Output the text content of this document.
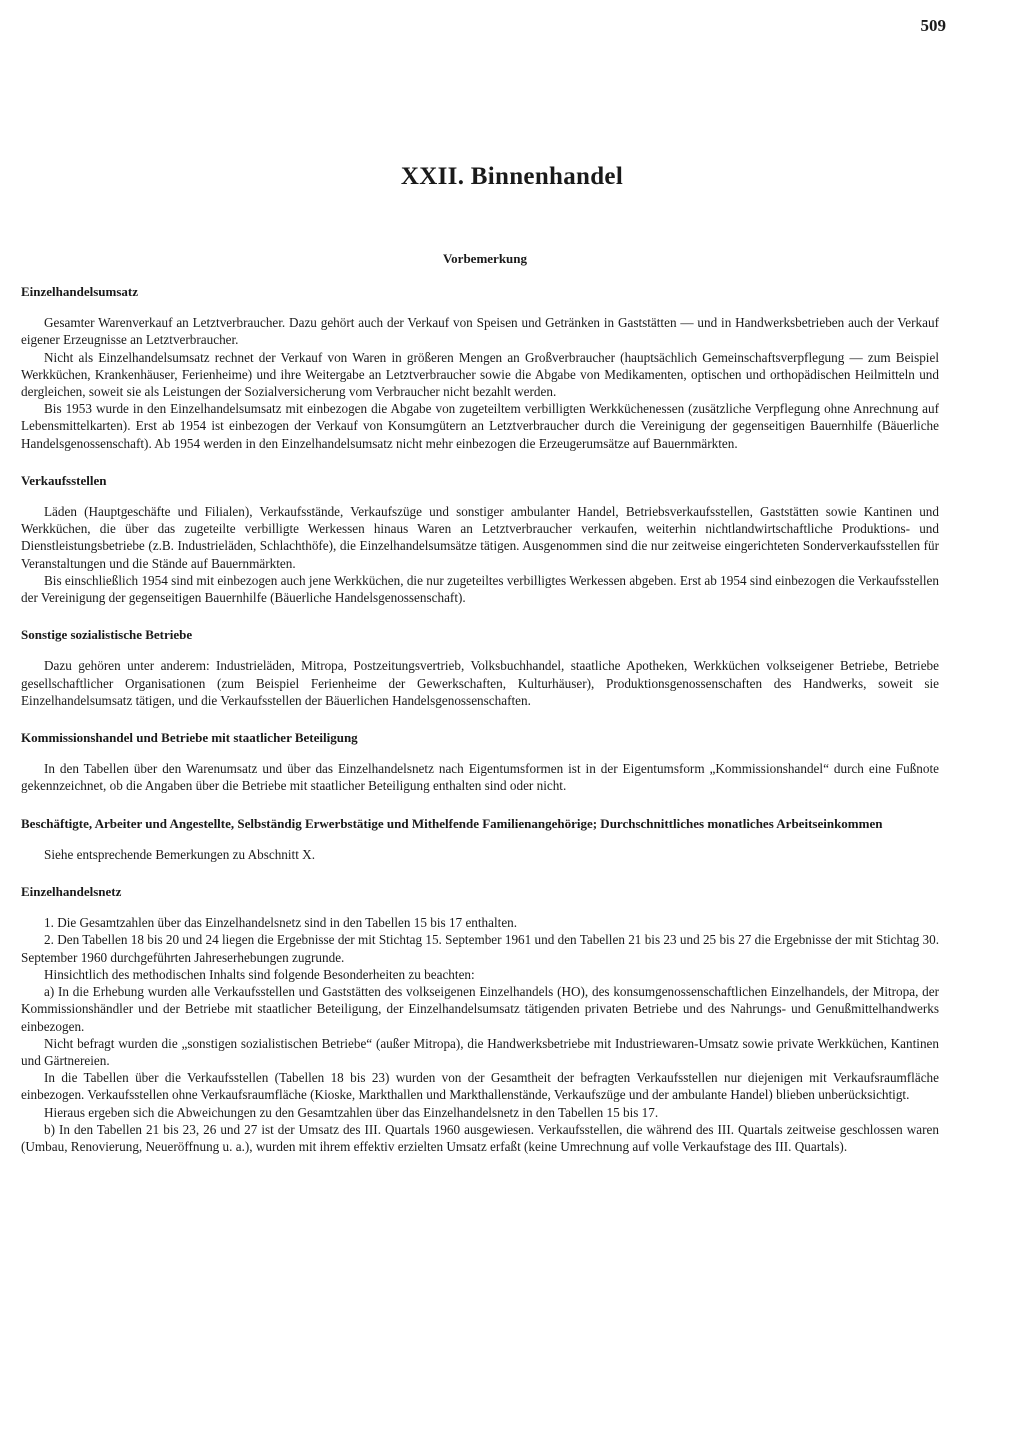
509
XXII. Binnenhandel
Vorbemerkung
Einzelhandelsumsatz

Gesamter Warenverkauf an Letztverbraucher. Dazu gehört auch der Verkauf von Speisen und Getränken in Gaststätten — und in Handwerksbetrieben auch der Verkauf eigener Erzeugnisse an Letztverbraucher.

Nicht als Einzelhandelsumsatz rechnet der Verkauf von Waren in größeren Mengen an Großverbraucher (hauptsächlich Gemeinschaftsverpflegung — zum Beispiel Werkküchen, Krankenhäuser, Ferienheime) und ihre Weitergabe an Letztverbraucher sowie die Abgabe von Medikamenten, optischen und orthopädischen Heilmitteln und dergleichen, soweit sie als Leistungen der Sozialversicherung vom Verbraucher nicht bezahlt werden.

Bis 1953 wurde in den Einzelhandelsumsatz mit einbezogen die Abgabe von zugeteiltem verbilligten Werkküchenessen (zusätzliche Verpflegung ohne Anrechnung auf Lebensmittelkarten). Erst ab 1954 ist einbezogen der Verkauf von Konsumgütern an Letztverbraucher durch die Vereinigung der gegenseitigen Bauernhilfe (Bäuerliche Handelsgenossenschaft). Ab 1954 werden in den Einzelhandelsumsatz nicht mehr einbezogen die Erzeugerumsätze auf Bauernmärkten.

Verkaufsstellen

Läden (Hauptgeschäfte und Filialen), Verkaufsstände, Verkaufszüge und sonstiger ambulanter Handel, Betriebsverkaufsstellen, Gaststätten sowie Kantinen und Werkküchen, die über das zugeteilte verbilligte Werkessen hinaus Waren an Letztverbraucher verkaufen, weiterhin nichtlandwirtschaftliche Produktions- und Dienstleistungsbetriebe (z.B. Industrieläden, Schlachthöfe), die Einzelhandelsumsätze tätigen. Ausgenommen sind die nur zeitweise eingerichteten Sonderverkaufsstellen für Veranstaltungen und die Stände auf Bauernmärkten.

Bis einschließlich 1954 sind mit einbezogen auch jene Werkküchen, die nur zugeteiltes verbilligtes Werkessen abgeben. Erst ab 1954 sind einbezogen die Verkaufsstellen der Vereinigung der gegenseitigen Bauernhilfe (Bäuerliche Handelsgenossenschaft).

Sonstige sozialistische Betriebe

Dazu gehören unter anderem: Industrieläden, Mitropa, Postzeitungsvertrieb, Volksbuchhandel, staatliche Apotheken, Werkküchen volkseigener Betriebe, Betriebe gesellschaftlicher Organisationen (zum Beispiel Ferienheime der Gewerkschaften, Kulturhäuser), Produktionsgenossenschaften des Handwerks, soweit sie Einzelhandelsumsatz tätigen, und die Verkaufsstellen der Bäuerlichen Handelsgenossenschaften.

Kommissionshandel und Betriebe mit staatlicher Beteiligung

In den Tabellen über den Warenumsatz und über das Einzelhandelsnetz nach Eigentumsformen ist in der Eigentumsform „Kommissionshandel“ durch eine Fußnote gekennzeichnet, ob die Angaben über die Betriebe mit staatlicher Beteiligung enthalten sind oder nicht.

Beschäftigte, Arbeiter und Angestellte, Selbständig Erwerbstätige und Mithelfende Familienangehörige; Durchschnittliches monatliches Arbeitseinkommen

Siehe entsprechende Bemerkungen zu Abschnitt X.

Einzelhandelsnetz

1. Die Gesamtzahlen über das Einzelhandelsnetz sind in den Tabellen 15 bis 17 enthalten.

2. Den Tabellen 18 bis 20 und 24 liegen die Ergebnisse der mit Stichtag 15. September 1961 und den Tabellen 21 bis 23 und 25 bis 27 die Ergebnisse der mit Stichtag 30. September 1960 durchgeführten Jahreserhebungen zugrunde.

Hinsichtlich des methodischen Inhalts sind folgende Besonderheiten zu beachten:

a) In die Erhebung wurden alle Verkaufsstellen und Gaststätten des volkseigenen Einzelhandels (HO), des konsumgenossenschaftlichen Einzelhandels, der Mitropa, der Kommissionshändler und der Betriebe mit staatlicher Beteiligung, der Einzelhandelsumsatz tätigenden privaten Betriebe und des Nahrungs- und Genußmittelhandwerks einbezogen.

Nicht befragt wurden die „sonstigen sozialistischen Betriebe“ (außer Mitropa), die Handwerksbetriebe mit Industriewaren-Umsatz sowie private Werkküchen, Kantinen und Gärtnereien.

In die Tabellen über die Verkaufsstellen (Tabellen 18 bis 23) wurden von der Gesamtheit der befragten Verkaufsstellen nur diejenigen mit Verkaufsraumfläche einbezogen. Verkaufsstellen ohne Verkaufsraumfläche (Kioske, Markthallen und Markthallenstände, Verkaufszüge und der ambulante Handel) blieben unberücksichtigt.

Hieraus ergeben sich die Abweichungen zu den Gesamtzahlen über das Einzelhandelsnetz in den Tabellen 15 bis 17.

b) In den Tabellen 21 bis 23, 26 und 27 ist der Umsatz des III. Quartals 1960 ausgewiesen. Verkaufsstellen, die während des III. Quartals zeitweise geschlossen waren (Umbau, Renovierung, Neueröffnung u. a.), wurden mit ihrem effektiv erzielten Umsatz erfaßt (keine Umrechnung auf volle Verkaufstage des III. Quartals).
